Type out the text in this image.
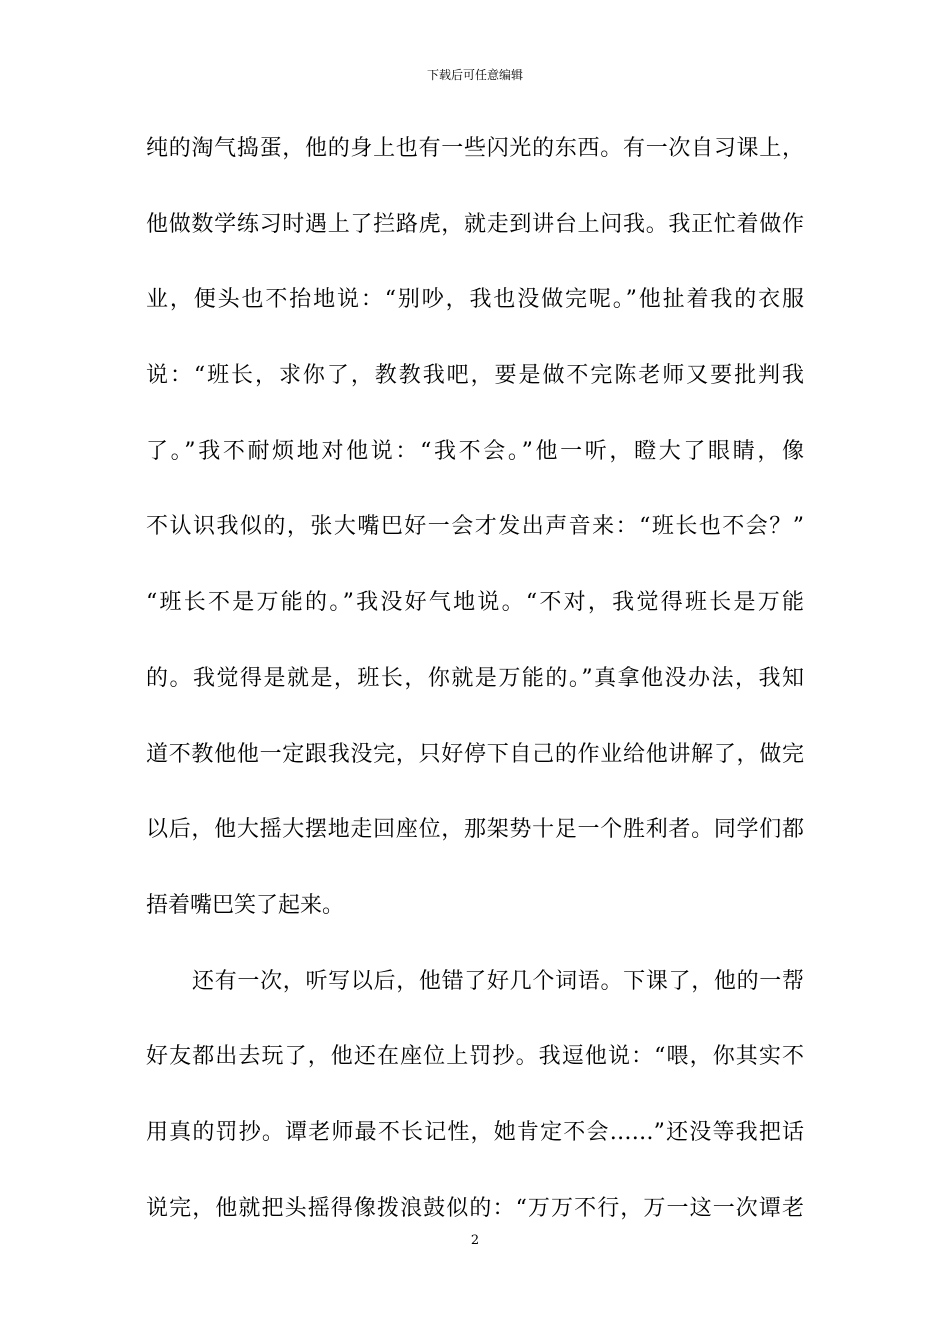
下载后可任意编辑
纯的淘气捣蛋，他的身上也有一些闪光的东西。有一次自习课上，
他做数学练习时遇上了拦路虎，就走到讲台上问我。我正忙着做作
业，便头也不抬地说：“别吵，我也没做完呢。”他扯着我的衣服
说：“班长，求你了，教教我吧，要是做不完陈老师又要批判我
了。”我不耐烦地对他说：“我不会。”他一听，瞪大了眼睛，像
不认识我似的，张大嘴巴好一会才发出声音来：“班长也不会？”
“班长不是万能的。”我没好气地说。“不对，我觉得班长是万能
的。我觉得是就是，班长，你就是万能的。”真拿他没办法，我知
道不教他他一定跟我没完，只好停下自己的作业给他讲解了，做完
以后，他大摇大摆地走回座位，那架势十足一个胜利者。同学们都
捂着嘴巴笑了起来。
还有一次，听写以后，他错了好几个词语。下课了，他的一帮
好友都出去玩了，他还在座位上罚抄。我逗他说：“喂，你其实不
用真的罚抄。谭老师最不长记性，她肯定不会……”还没等我把话
说完，他就把头摇得像拨浪鼓似的：“万万不行，万一这一次谭老
2
